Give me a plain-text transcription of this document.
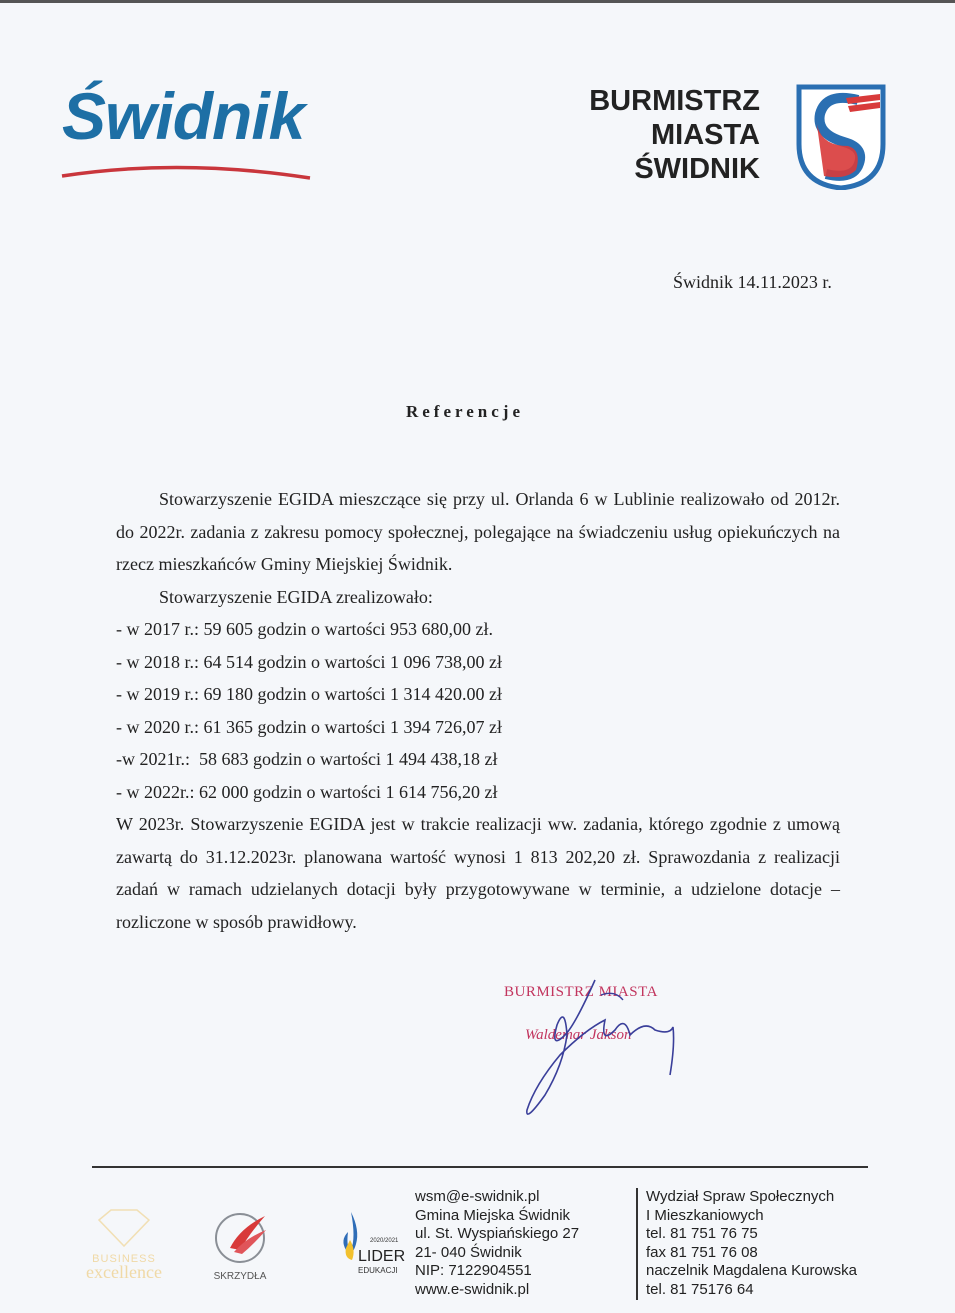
Świdnik	BURMISTRZ
MIASTA
ŚWIDNIK
Świdnik 14.11.2023 r.
Referencje

Stowarzyszenie EGIDA mieszczące się przy ul. Orlanda 6 w Lublinie realizowało od 2012r. do 2022r. zadania z zakresu pomocy społecznej, polegające na świadczeniu usług opiekuńczych na rzecz mieszkańców Gminy Miejskiej Świdnik.

Stowarzyszenie EGIDA zrealizowało:

- w 2017 r.: 59 605 godzin o wartości 953 680,00 zł.

- w 2018 r.: 64 514 godzin o wartości 1 096 738,00 zł

- w 2019 r.: 69 180 godzin o wartości 1 314 420.00 zł

- w 2020 r.: 61 365 godzin o wartości 1 394 726,07 zł

-w 2021r.:  58 683 godzin o wartości 1 494 438,18 zł

- w 2022r.: 62 000 godzin o wartości 1 614 756,20 zł

W 2023r. Stowarzyszenie EGIDA jest w trakcie realizacji ww. zadania, którego zgodnie z umową zawartą do 31.12.2023r. planowana wartość wynosi 1 813 202,20 zł. Sprawozdania z realizacji zadań w ramach udzielanych dotacji były przygotowywane w terminie, a udzielone dotacje – rozliczone w sposób prawidłowy.

BURMISTRZ MIASTA
Waldemar Jakson
BUSINESS
excellence	SKRZYDŁA
2020/2021
LIDER
EDUKACJI
wsm@e-swidnik.pl
Gmina Miejska Świdnik
ul. St. Wyspiańskiego 27
21- 040 Świdnik
NIP: 7122904551
www.e-swidnik.pl
Wydział Spraw Społecznych
I Mieszkaniowych
tel. 81 751 76 75
fax 81 751 76 08
naczelnik Magdalena Kurowska
tel. 81 75176 64
